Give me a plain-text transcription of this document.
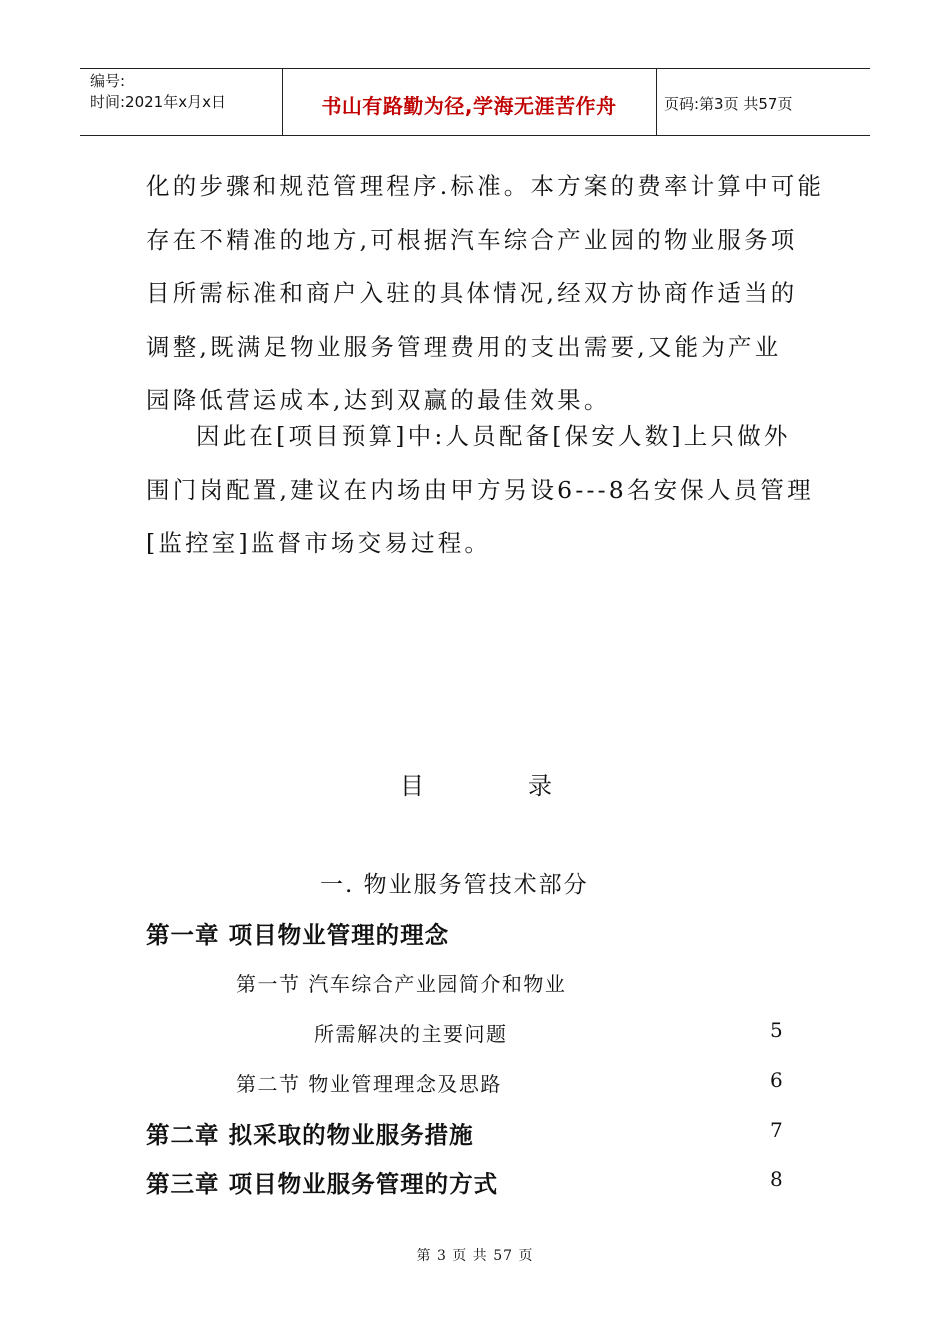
编号:
时间:2021年x月x日	书山有路勤为径,学海无涯苦作舟	页码:第3页 共57页
化的步骤和规范管理程序.标准。本方案的费率计算中可能
存在不精准的地方,可根据汽车综合产业园的物业服务项
目所需标准和商户入驻的具体情况,经双方协商作适当的
调整,既满足物业服务管理费用的支出需要,又能为产业
园降低营运成本,达到双赢的最佳效果。
因此在[项目预算]中:人员配备[保安人数]上只做外
围门岗配置,建议在内场由甲方另设6---8名安保人员管理
[监控室]监督市场交易过程。
目	录
一. 物业服务管技术部分
第一章 项目物业管理的理念
第一节 汽车综合产业园简介和物业
所需解决的主要问题	5
第二节 物业管理理念及思路	6
第二章 拟采取的物业服务措施	7
第三章 项目物业服务管理的方式	8
第 3 页 共 57 页
